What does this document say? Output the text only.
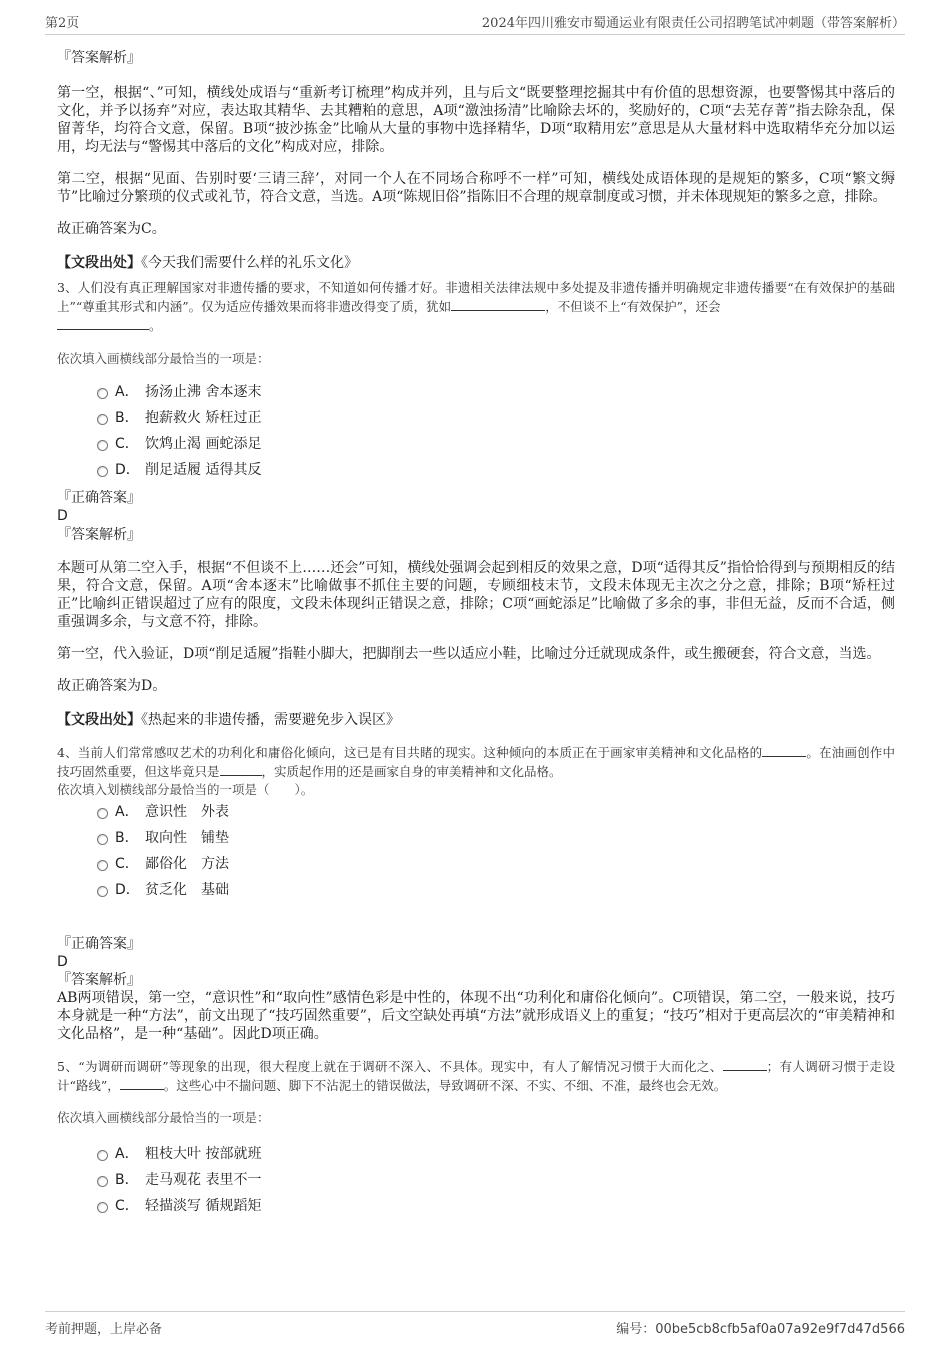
第2页	2024年四川雅安市蜀通运业有限责任公司招聘笔试冲刺题（带答案解析）

『答案解析』

第一空，根据“、”可知，横线处成语与“重新考订梳理”构成并列，且与后文“既要整理挖掘其中有价值的思想资源，也要警惕其中落后的文化，并予以扬弃”对应，表达取其精华、去其糟粕的意思，A项“激浊扬清”比喻除去坏的，奖励好的，C项“去芜存菁”指去除杂乱，保留菁华，均符合文意，保留。B项“披沙拣金”比喻从大量的事物中选择精华，D项“取精用宏”意思是从大量材料中选取精华充分加以运用，均无法与“警惕其中落后的文化”构成对应，排除。

第二空，根据“见面、告别时要‘三请三辞’，对同一个人在不同场合称呼不一样”可知，横线处成语体现的是规矩的繁多，C项“繁文缛节”比喻过分繁琐的仪式或礼节，符合文意，当选。A项“陈规旧俗”指陈旧不合理的规章制度或习惯，并未体现规矩的繁多之意，排除。

故正确答案为C。

【文段出处】《今天我们需要什么样的礼乐文化》

3、人们没有真正理解国家对非遗传播的要求，不知道如何传播才好。非遗相关法律法规中多处提及非遗传播并明确规定非遗传播要“在有效保护的基础上”“尊重其形式和内涵”。仅为适应传播效果而将非遗改得变了质，犹如	，不但谈不上“有效保护”，还会
。

依次填入画横线部分最恰当的一项是：

A． 扬汤止沸 舍本逐末
B． 抱薪救火 矫枉过正
C． 饮鸩止渴 画蛇添足
D． 削足适履 适得其反

『正确答案』

D

『答案解析』

本题可从第二空入手，根据“不但谈不上……还会”可知，横线处强调会起到相反的效果之意，D项“适得其反”指恰恰得到与预期相反的结果，符合文意，保留。A项“舍本逐末”比喻做事不抓住主要的问题，专顾细枝末节，文段未体现无主次之分之意，排除；B项“矫枉过正”比喻纠正错误超过了应有的限度，文段未体现纠正错误之意，排除；C项“画蛇添足”比喻做了多余的事，非但无益，反而不合适，侧重强调多余，与文意不符，排除。

第一空，代入验证，D项“削足适履”指鞋小脚大，把脚削去一些以适应小鞋，比喻过分迁就现成条件，或生搬硬套，符合文意，当选。

故正确答案为D。

【文段出处】《热起来的非遗传播，需要避免步入误区》

4、当前人们常常感叹艺术的功利化和庸俗化倾向，这已是有目共睹的现实。这种倾向的本质正在于画家审美精神和文化品格的	。在油画创作中技巧固然重要，但这毕竟只是	，实质起作用的还是画家自身的审美精神和文化品格。

依次填入划横线部分最恰当的一项是（　　）。

A． 意识性　外表
B． 取向性　铺垫
C． 鄙俗化　方法
D． 贫乏化　基础

『正确答案』

D

『答案解析』

AB两项错误，第一空，“意识性”和“取向性”感情色彩是中性的，体现不出“功利化和庸俗化倾向”。C项错误，第二空，一般来说，技巧本身就是一种“方法”，前文出现了“技巧固然重要”，后文空缺处再填“方法”就形成语义上的重复；“技巧”相对于更高层次的“审美精神和文化品格”，是一种“基础”。因此D项正确。

5、“为调研而调研”等现象的出现，很大程度上就在于调研不深入、不具体。现实中，有人了解情况习惯于大而化之、	；有人调研习惯于走设计“路线”，	。这些心中不揣问题、脚下不沾泥土的错误做法，导致调研不深、不实、不细、不准，最终也会无效。

依次填入画横线部分最恰当的一项是：

A． 粗枝大叶 按部就班
B． 走马观花 表里不一
C． 轻描淡写 循规蹈矩
考前押题，上岸必备	编号：00be5cb8cfb5af0a07a92e9f7d47d566
